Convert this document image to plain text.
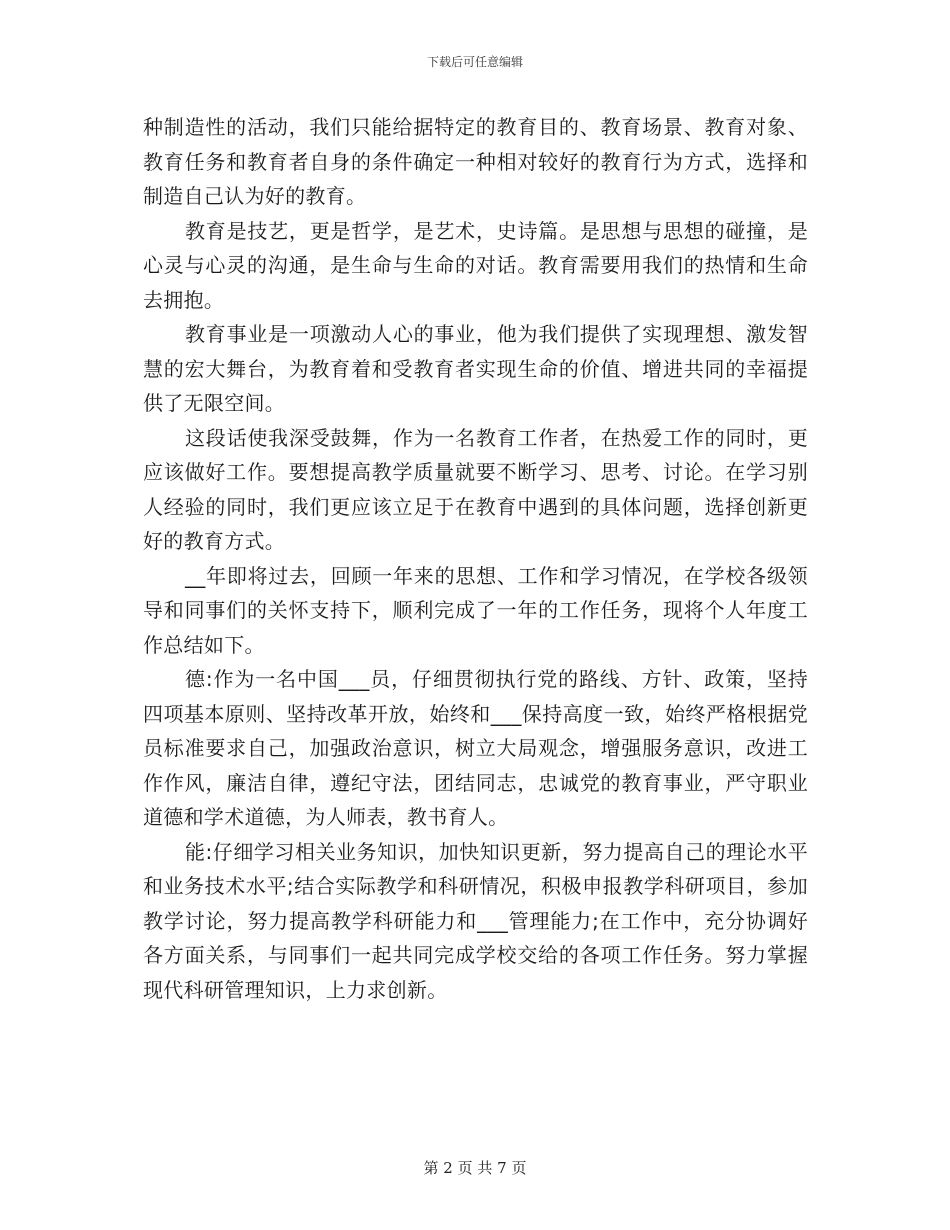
下载后可任意编辑

种制造性的活动，我们只能给据特定的教育目的、教育场景、教育对象、教育任务和教育者自身的条件确定一种相对较好的教育行为方式，选择和制造自己认为好的教育。

教育是技艺，更是哲学，是艺术，史诗篇。是思想与思想的碰撞，是心灵与心灵的沟通，是生命与生命的对话。教育需要用我们的热情和生命去拥抱。

教育事业是一项激动人心的事业，他为我们提供了实现理想、激发智慧的宏大舞台，为教育着和受教育者实现生命的价值、增进共同的幸福提供了无限空间。

这段话使我深受鼓舞，作为一名教育工作者，在热爱工作的同时，更应该做好工作。要想提高教学质量就要不断学习、思考、讨论。在学习别人经验的同时，我们更应该立足于在教育中遇到的具体问题，选择创新更好的教育方式。

__年即将过去，回顾一年来的思想、工作和学习情况，在学校各级领导和同事们的关怀支持下，顺利完成了一年的工作任务，现将个人年度工作总结如下。

德:作为一名中国___员，仔细贯彻执行党的路线、方针、政策，坚持四项基本原则、坚持改革开放，始终和___保持高度一致，始终严格根据党员标准要求自己，加强政治意识，树立大局观念，增强服务意识，改进工作作风，廉洁自律，遵纪守法，团结同志，忠诚党的教育事业，严守职业道德和学术道德，为人师表，教书育人。

能:仔细学习相关业务知识，加快知识更新，努力提高自己的理论水平和业务技术水平;结合实际教学和科研情况，积极申报教学科研项目，参加教学讨论，努力提高教学科研能力和___管理能力;在工作中，充分协调好各方面关系，与同事们一起共同完成学校交给的各项工作任务。努力掌握现代科研管理知识，上力求创新。

第 2 页 共 7 页
